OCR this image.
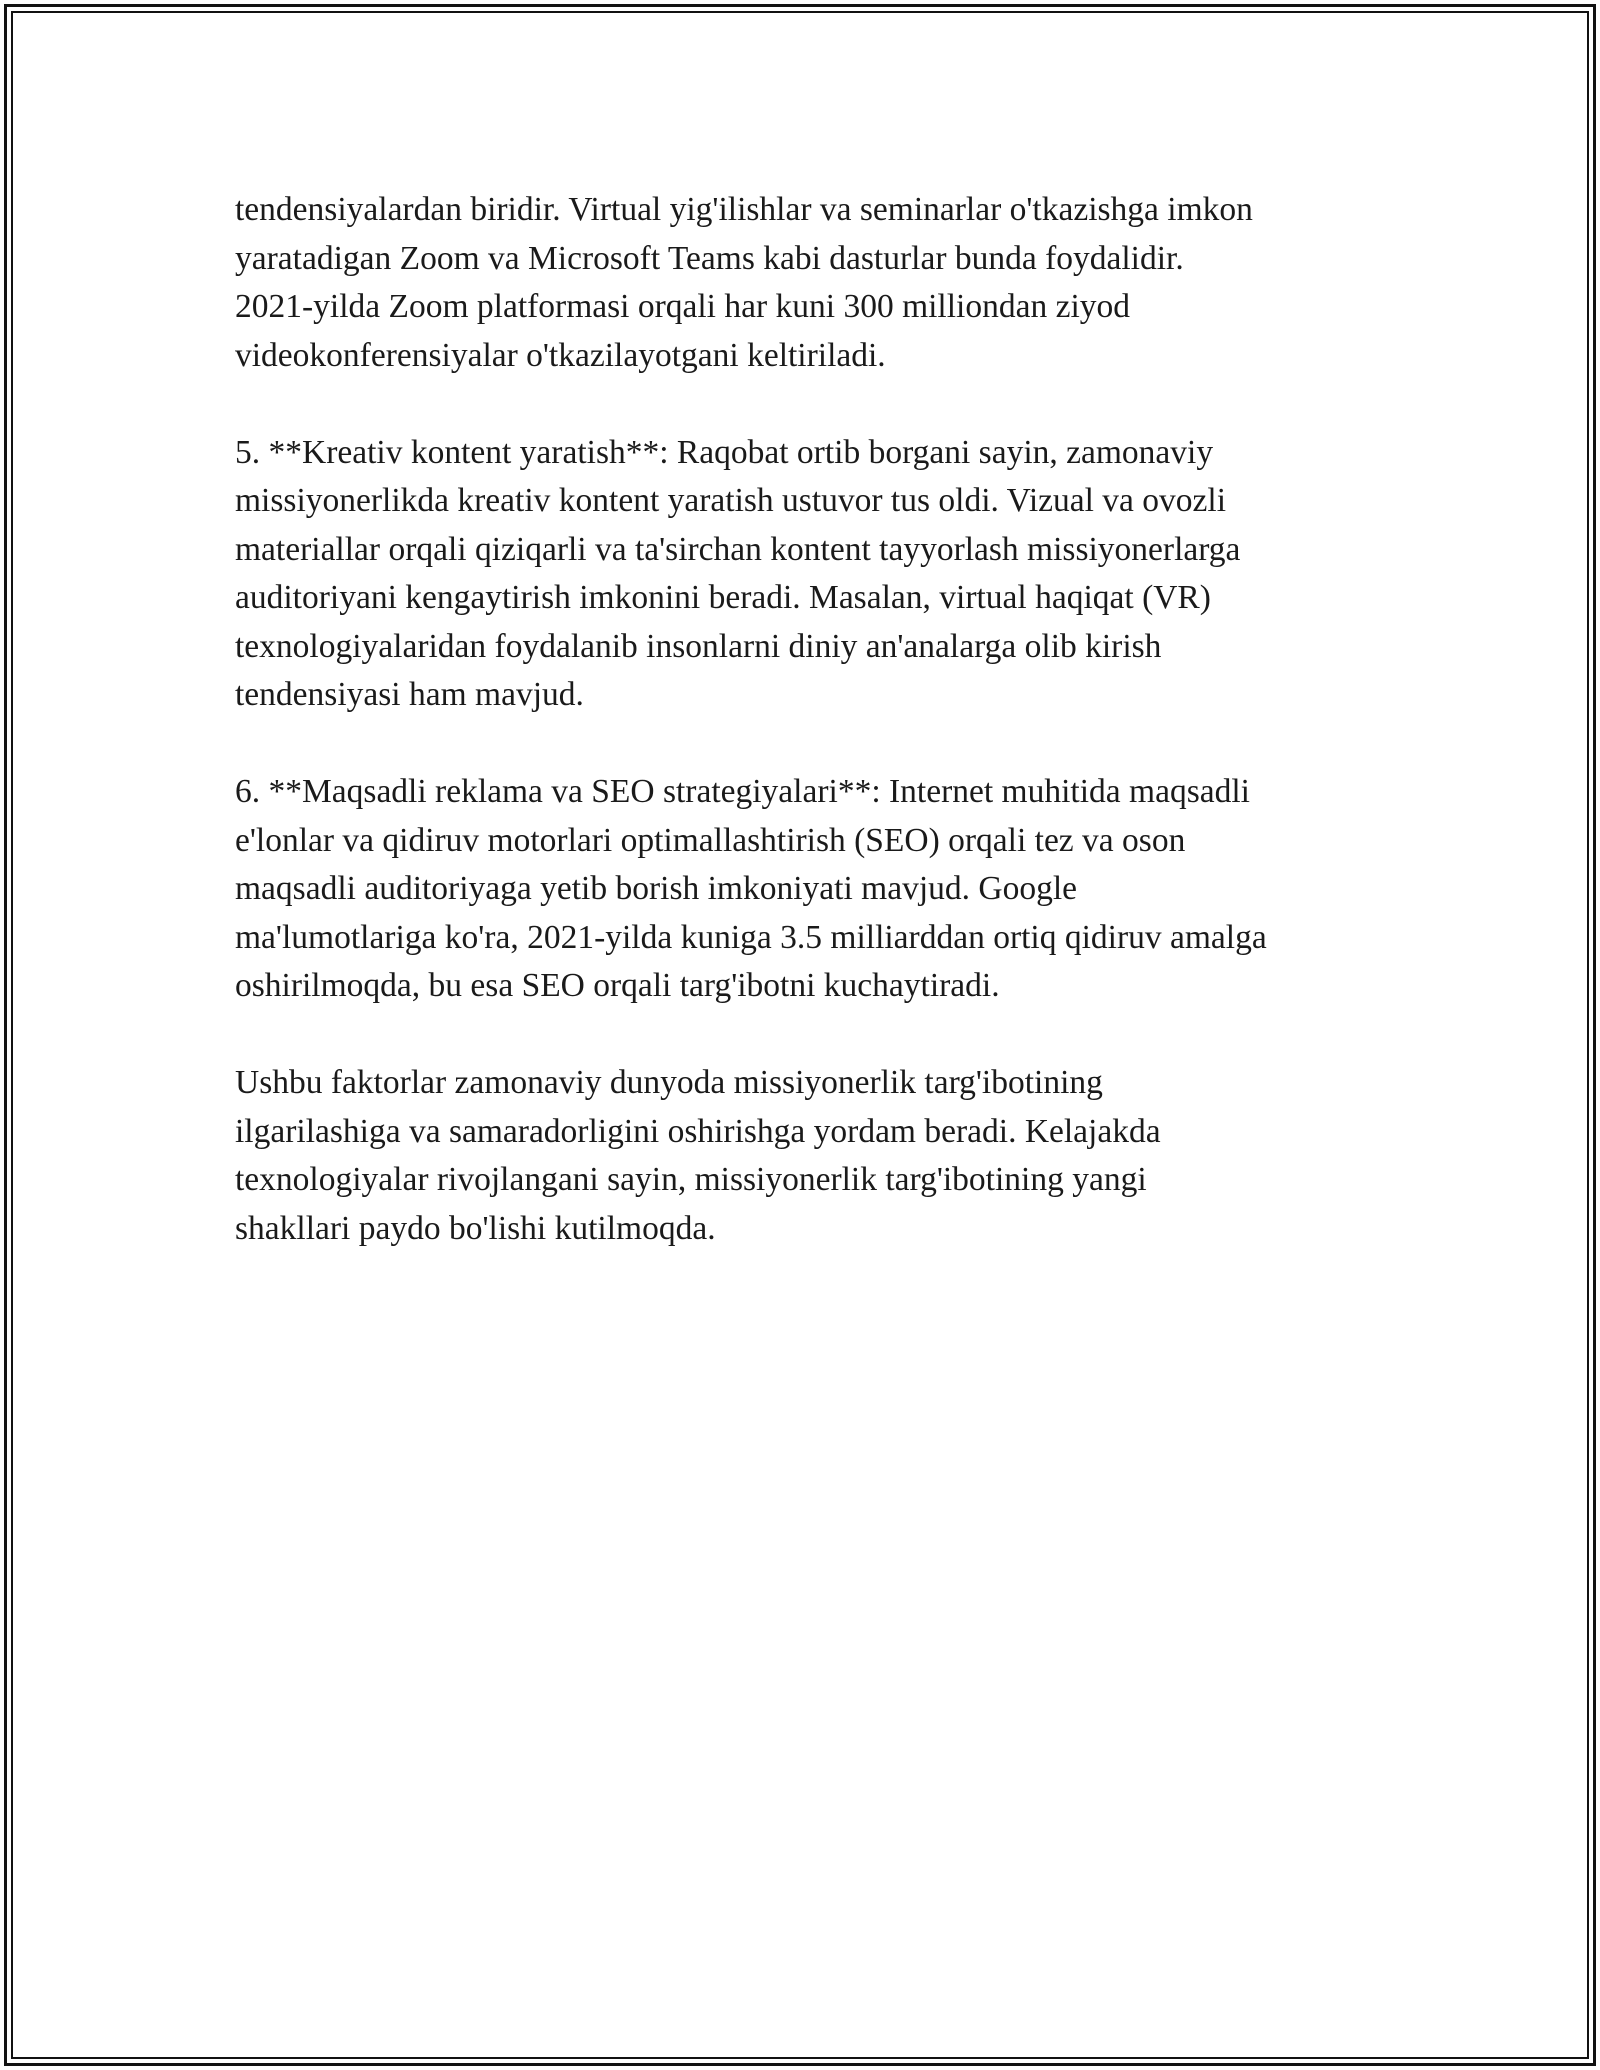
tendensiyalardan biridir. Virtual yig'ilishlar va seminarlar o'tkazishga imkon
yaratadigan Zoom va Microsoft Teams kabi dasturlar bunda foydalidir.
2021-yilda Zoom platformasi orqali har kuni 300 milliondan ziyod
videokonferensiyalar o'tkazilayotgani keltiriladi.

5. **Kreativ kontent yaratish**: Raqobat ortib borgani sayin, zamonaviy
missiyonerlikda kreativ kontent yaratish ustuvor tus oldi. Vizual va ovozli
materiallar orqali qiziqarli va ta'sirchan kontent tayyorlash missiyonerlarga
auditoriyani kengaytirish imkonini beradi. Masalan, virtual haqiqat (VR)
texnologiyalaridan foydalanib insonlarni diniy an'analarga olib kirish
tendensiyasi ham mavjud.

6. **Maqsadli reklama va SEO strategiyalari**: Internet muhitida maqsadli
e'lonlar va qidiruv motorlari optimallashtirish (SEO) orqali tez va oson
maqsadli auditoriyaga yetib borish imkoniyati mavjud. Google
ma'lumotlariga ko'ra, 2021-yilda kuniga 3.5 milliarddan ortiq qidiruv amalga
oshirilmoqda, bu esa SEO orqali targ'ibotni kuchaytiradi.

Ushbu faktorlar zamonaviy dunyoda missiyonerlik targ'ibotining
ilgarilashiga va samaradorligini oshirishga yordam beradi. Kelajakda
texnologiyalar rivojlangani sayin, missiyonerlik targ'ibotining yangi
shakllari paydo bo'lishi kutilmoqda.
